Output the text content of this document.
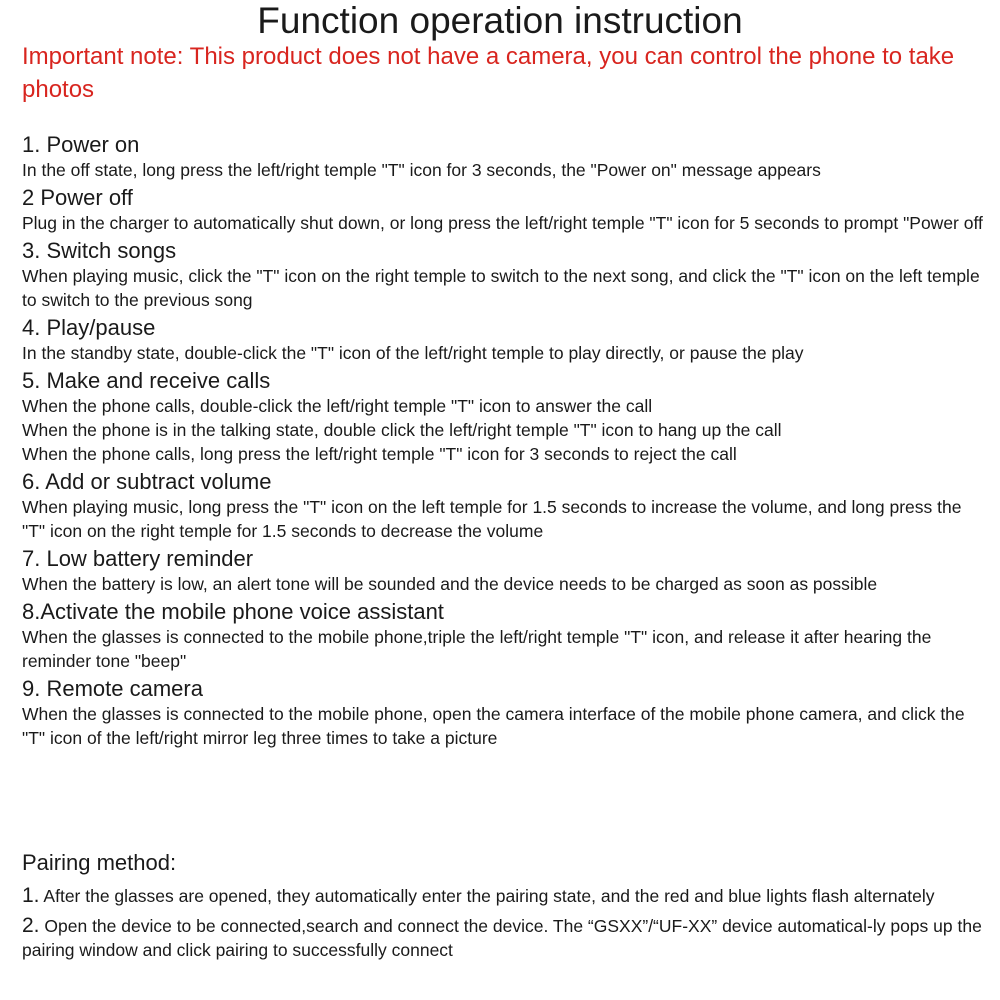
Function operation instruction

Important note: This product does not have a camera, you can control the phone to take photos

1. Power on

In the off state, long press the left/right temple "T" icon for 3 seconds, the "Power on" message appears

2 Power off

Plug in the charger to automatically shut down, or long press the left/right temple "T" icon for 5 seconds to prompt "Power off

3. Switch songs

When playing music, click the "T" icon on the right temple to switch to the next song, and click the "T" icon on the left temple to switch to the previous song

4. Play/pause

In the standby state, double-click the "T" icon of the left/right temple to play directly, or pause the play

5. Make and receive calls

When the phone calls, double-click the left/right temple "T" icon to answer the call

When the phone is in the talking state, double click the left/right temple "T" icon to hang up the call

When the phone calls, long press the left/right temple "T" icon for 3 seconds to reject the call

6. Add or subtract volume

When playing music, long press the "T" icon on the left temple for 1.5 seconds to increase the volume, and long press the "T" icon on the right temple for 1.5 seconds to decrease the volume

7. Low battery reminder

When the battery is low, an alert tone will be sounded and the device needs to be charged as soon as possible

8.Activate the mobile phone voice assistant

When the glasses is connected to the mobile phone,triple the left/right temple "T" icon, and release it after hearing the reminder tone "beep"

9. Remote camera

When the glasses is connected to the mobile phone, open the camera interface of the mobile phone camera, and click the "T" icon of the left/right mirror leg three times to take a picture

Pairing method:

1. After the glasses are opened, they automatically enter the pairing state, and the red and blue lights flash alternately

2. Open the device to be connected,search and connect the device. The “GSXX”/“UF-XX” device automatical-ly pops up the pairing window and click pairing to successfully connect
